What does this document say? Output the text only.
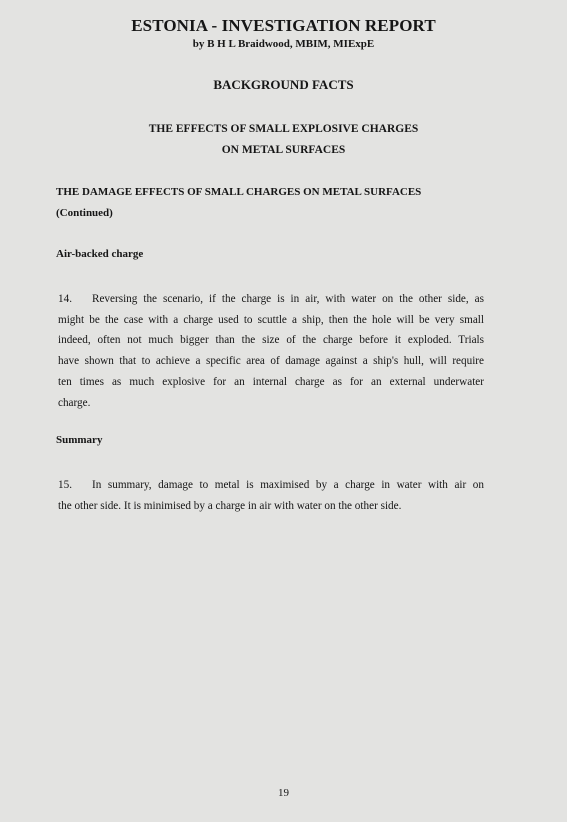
ESTONIA - INVESTIGATION REPORT
by B H L Braidwood, MBIM, MIExpE
BACKGROUND FACTS
THE EFFECTS OF SMALL EXPLOSIVE CHARGES
ON METAL SURFACES
THE DAMAGE EFFECTS OF SMALL CHARGES ON METAL SURFACES
(Continued)
Air-backed charge
14. Reversing the scenario, if the charge is in air, with water on the other side, as
might be the case with a charge used to scuttle a ship, then the hole will be very small
indeed, often not much bigger than the size of the charge before it exploded. Trials
have shown that to achieve a specific area of damage against a ship's hull, will require
ten times as much explosive for an internal charge as for an external underwater
charge.
Summary
15. In summary, damage to metal is maximised by a charge in water with air on
the other side. It is minimised by a charge in air with water on the other side.
19
